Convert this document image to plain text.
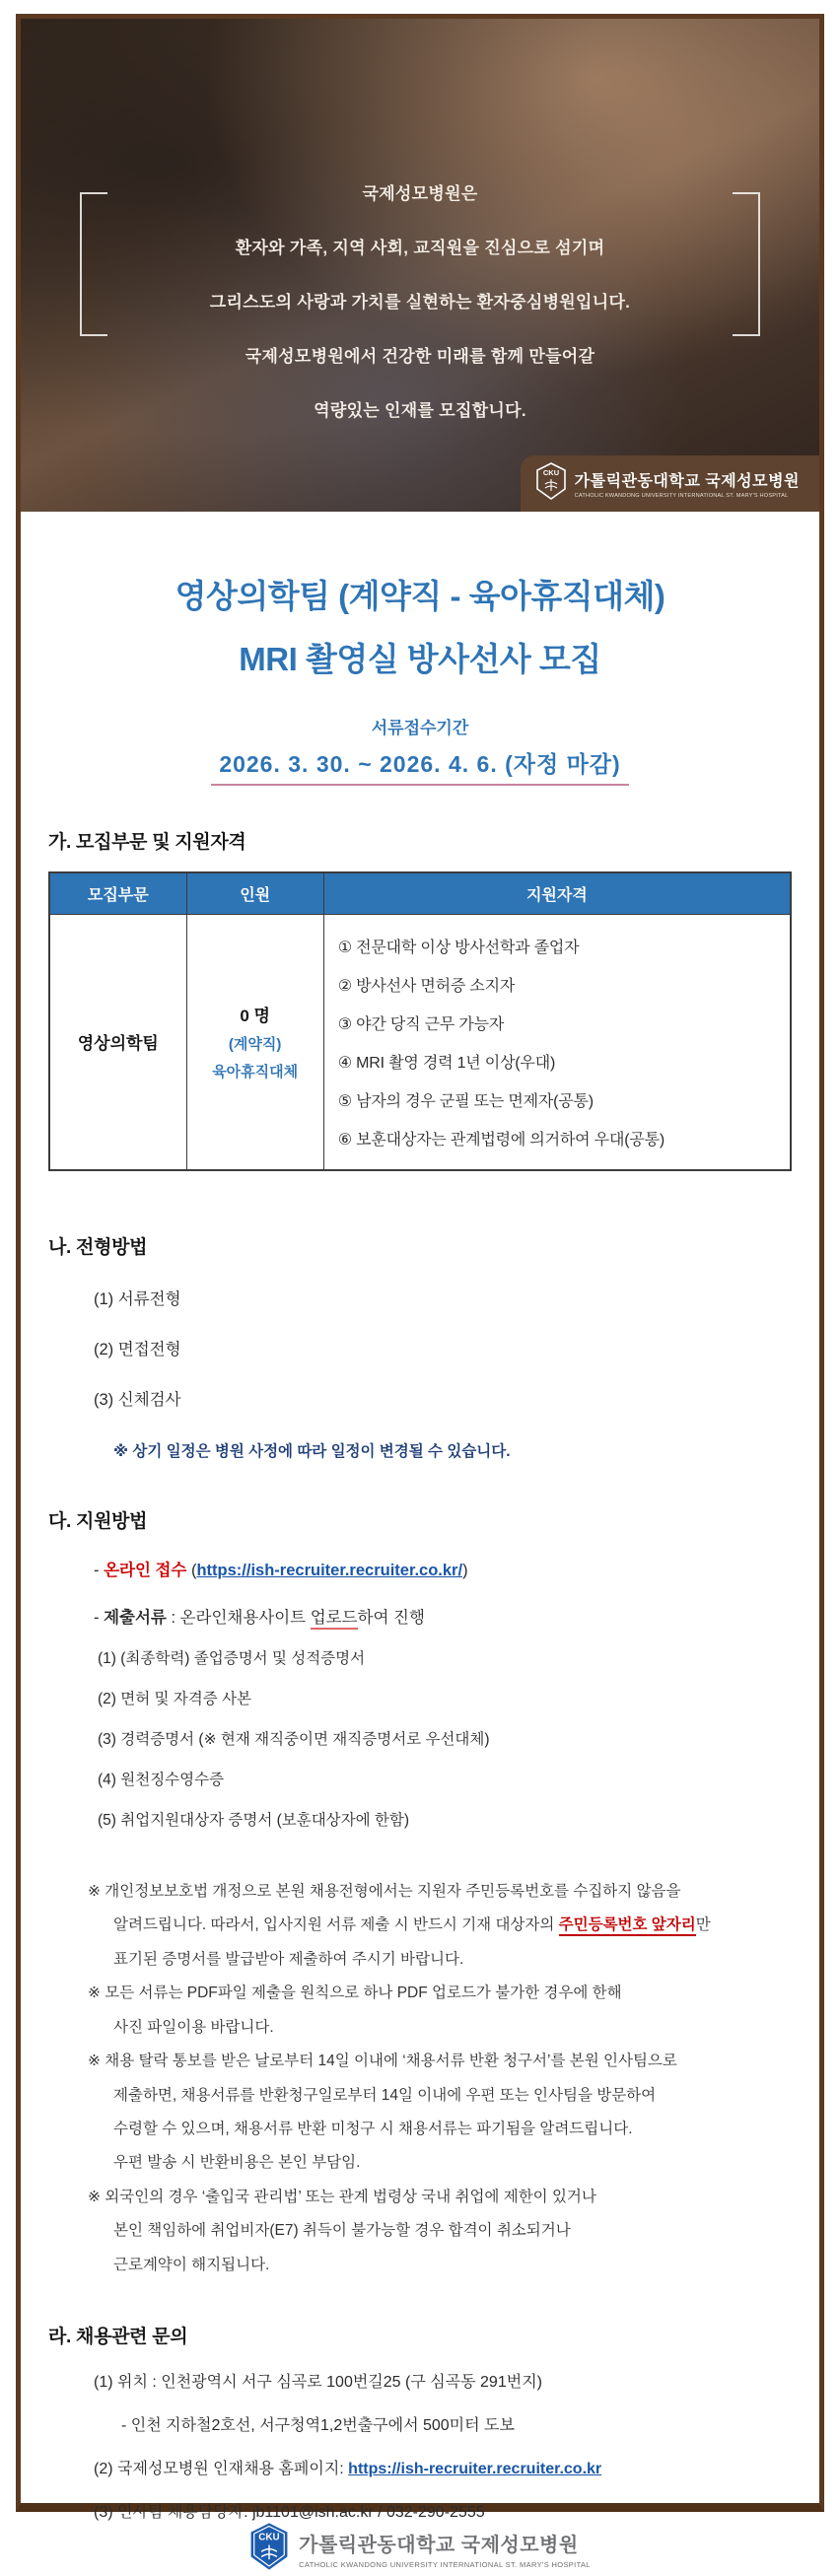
국제성모병원은
환자와 가족, 지역 사회, 교직원을 진심으로 섬기며
그리스도의 사랑과 가치를 실현하는 환자중심병원입니다.
국제성모병원에서 건강한 미래를 함께 만들어갈
역량있는 인재를 모집합니다.
CKU
가톨릭관동대학교 국제성모병원
CATHOLIC KWANDONG UNIVERSITY INTERNATIONAL ST. MARY'S HOSPITAL
영상의학팀 (계약직 - 육아휴직대체)
MRI 촬영실 방사선사 모집
서류접수기간
2026. 3. 30. ~ 2026. 4. 6. (자정 마감)
가. 모집부문 및 지원자격
모집부문	인원	지원자격
영상의학팀	
0 명
(계약직)
육아휴직대체

① 전문대학 이상 방사선학과 졸업자
② 방사선사 면허증 소지자
③ 야간 당직 근무 가능자
④ MRI 촬영 경력 1년 이상(우대)
⑤ 남자의 경우 군필 또는 면제자(공통)
⑥ 보훈대상자는 관계법령에 의거하여 우대(공통)
나. 전형방법
(1) 서류전형
(2) 면접전형
(3) 신체검사
※ 상기 일정은 병원 사정에 따라 일정이 변경될 수 있습니다.
다. 지원방법
- 온라인 접수 (https://ish-recruiter.recruiter.co.kr/)
- 제출서류 : 온라인채용사이트 업로드하여 진행
(1) (최종학력) 졸업증명서 및 성적증명서
(2) 면허 및 자격증 사본
(3) 경력증명서 (※ 현재 재직중이면 재직증명서로 우선대체)
(4) 원천징수영수증
(5) 취업지원대상자 증명서 (보훈대상자에 한함)
※ 개인정보보호법 개정으로 본원 채용전형에서는 지원자 주민등록번호를 수집하지 않음을
알려드립니다. 따라서, 입사지원 서류 제출 시 반드시 기재 대상자의 주민등록번호 앞자리만
표기된 증명서를 발급받아 제출하여 주시기 바랍니다.
※ 모든 서류는 PDF파일 제출을 원칙으로 하나 PDF 업로드가 불가한 경우에 한해
사진 파일이용 바랍니다.
※ 채용 탈락 통보를 받은 날로부터 14일 이내에 ‘채용서류 반환 청구서’를 본원 인사팀으로
제출하면, 채용서류를 반환청구일로부터 14일 이내에 우편 또는 인사팀을 방문하여
수령할 수 있으며, 채용서류 반환 미청구 시 채용서류는 파기됨을 알려드립니다.
우편 발송 시 반환비용은 본인 부담임.
※ 외국인의 경우 ‘출입국 관리법’ 또는 관계 법령상 국내 취업에 제한이 있거나
본인 책임하에 취업비자(E7) 취득이 불가능할 경우 합격이 취소되거나
근로계약이 해지됩니다.
라. 채용관련 문의
(1) 위치 : 인천광역시 서구 심곡로 100번길25 (구 심곡동 291번지)
- 인천 지하철2호선, 서구청역1,2번출구에서 500미터 도보
(2) 국제성모병원 인재채용 홈페이지: https://ish-recruiter.recruiter.co.kr
(3) 인사팀 채용담당자: jb1101@ish.ac.kr / 032-290-2555
CKU 가톨릭관동대학교 국제성모병원
CATHOLIC KWANDONG UNIVERSITY INTERNATIONAL ST. MARY'S HOSPITAL
